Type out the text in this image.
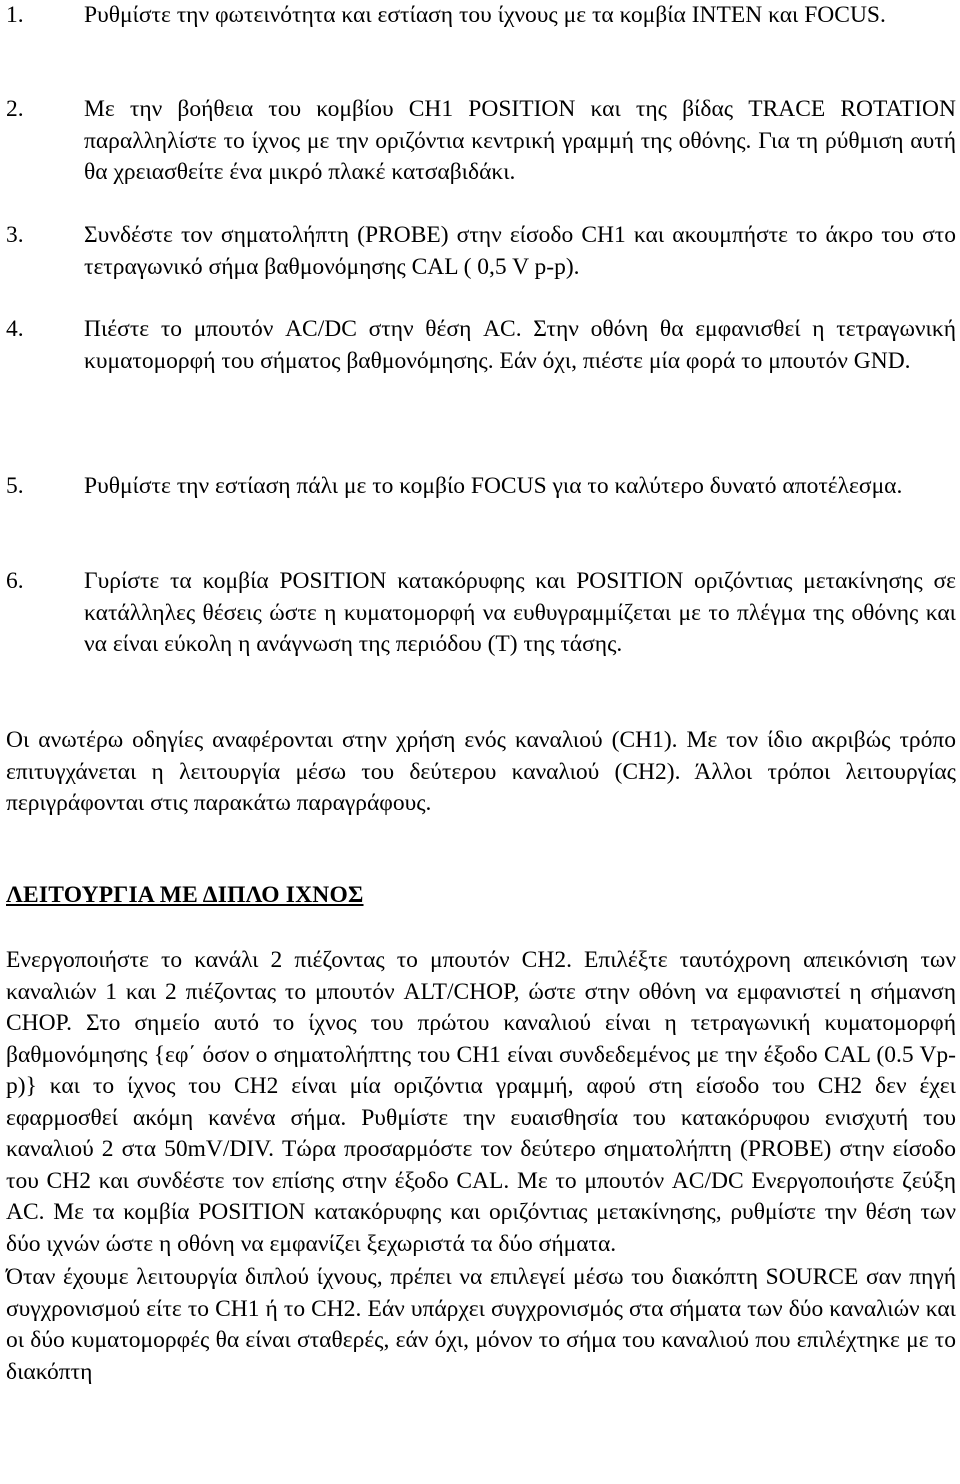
1.	Ρυθμίστε την φωτεινότητα και εστίαση του ίχνους με τα κομβία INTEN και FOCUS.
2.	Με την βοήθεια του κομβίου CH1 POSITION και της βίδας TRACE ROTATION παραλληλίστε το ίχνος με την οριζόντια κεντρική γραμμή της οθόνης. Για τη ρύθμιση αυτή θα χρειασθείτε ένα μικρό πλακέ κατσαβιδάκι.
3.	Συνδέστε τον σηματολήπτη (PROBE) στην είσοδο CH1 και ακουμπήστε το άκρο του στο τετραγωνικό σήμα βαθμονόμησης CAL ( 0,5 V p-p).
4.	Πιέστε το μπουτόν AC/DC στην θέση AC. Στην οθόνη θα εμφανισθεί η τετραγωνική κυματομορφή του σήματος βαθμονόμησης. Εάν όχι, πιέστε μία φορά το μπουτόν GND.
5.	Ρυθμίστε την εστίαση πάλι με το κομβίο FOCUS για το καλύτερο δυνατό αποτέλεσμα.
6.	Γυρίστε τα κομβία POSITION κατακόρυφης και POSITION οριζόντιας μετακίνησης σε κατάλληλες θέσεις ώστε η κυματομορφή να ευθυγραμμίζεται με το πλέγμα της οθόνης και να είναι εύκολη η ανάγνωση της περιόδου (T) της τάσης.
Οι ανωτέρω οδηγίες αναφέρονται στην χρήση ενός καναλιού (CH1). Με τον ίδιο ακριβώς τρόπο επιτυγχάνεται η λειτουργία μέσω του δεύτερου καναλιού (CH2). Άλλοι τρόποι λειτουργίας περιγράφονται στις παρακάτω παραγράφους.
ΛΕΙΤΟΥΡΓΙΑ ΜΕ ΔΙΠΛΟ ΙΧΝΟΣ
Ενεργοποιήστε το κανάλι 2 πιέζοντας το μπουτόν CH2. Επιλέξτε ταυτόχρονη απεικόνιση των καναλιών 1 και 2 πιέζοντας το μπουτόν ALT/CHOP, ώστε στην οθόνη να εμφανιστεί η σήμανση CHOP. Στο σημείο αυτό το ίχνος του πρώτου καναλιού είναι η τετραγωνική κυματομορφή βαθμονόμησης {εφ΄ όσον ο σηματολήπτης του CH1 είναι συνδεδεμένος με την έξοδο CAL (0.5 Vp-p)} και το ίχνος του CH2 είναι μία οριζόντια γραμμή, αφού στη είσοδο του CH2 δεν έχει εφαρμοσθεί ακόμη κανένα σήμα. Ρυθμίστε την ευαισθησία του κατακόρυφου ενισχυτή του καναλιού 2 στα 50mV/DIV. Τώρα προσαρμόστε τον δεύτερο σηματολήπτη (PROBE) στην είσοδο του CH2 και συνδέστε τον επίσης στην έξοδο CAL. Με το μπουτόν AC/DC Ενεργοποιήστε ζεύξη AC. Με τα κομβία POSITION κατακόρυφης και οριζόντιας μετακίνησης, ρυθμίστε την θέση των δύο ιχνών ώστε η οθόνη να εμφανίζει ξεχωριστά τα δύο σήματα.
Όταν έχουμε λειτουργία διπλού ίχνους, πρέπει να επιλεγεί μέσω του διακόπτη SOURCE σαν πηγή συγχρονισμού είτε το CH1 ή το CH2. Εάν υπάρχει συγχρονισμός στα σήματα των δύο καναλιών και οι δύο κυματομορφές θα είναι σταθερές, εάν όχι, μόνον το σήμα του καναλιού που επιλέχτηκε με το διακόπτη
